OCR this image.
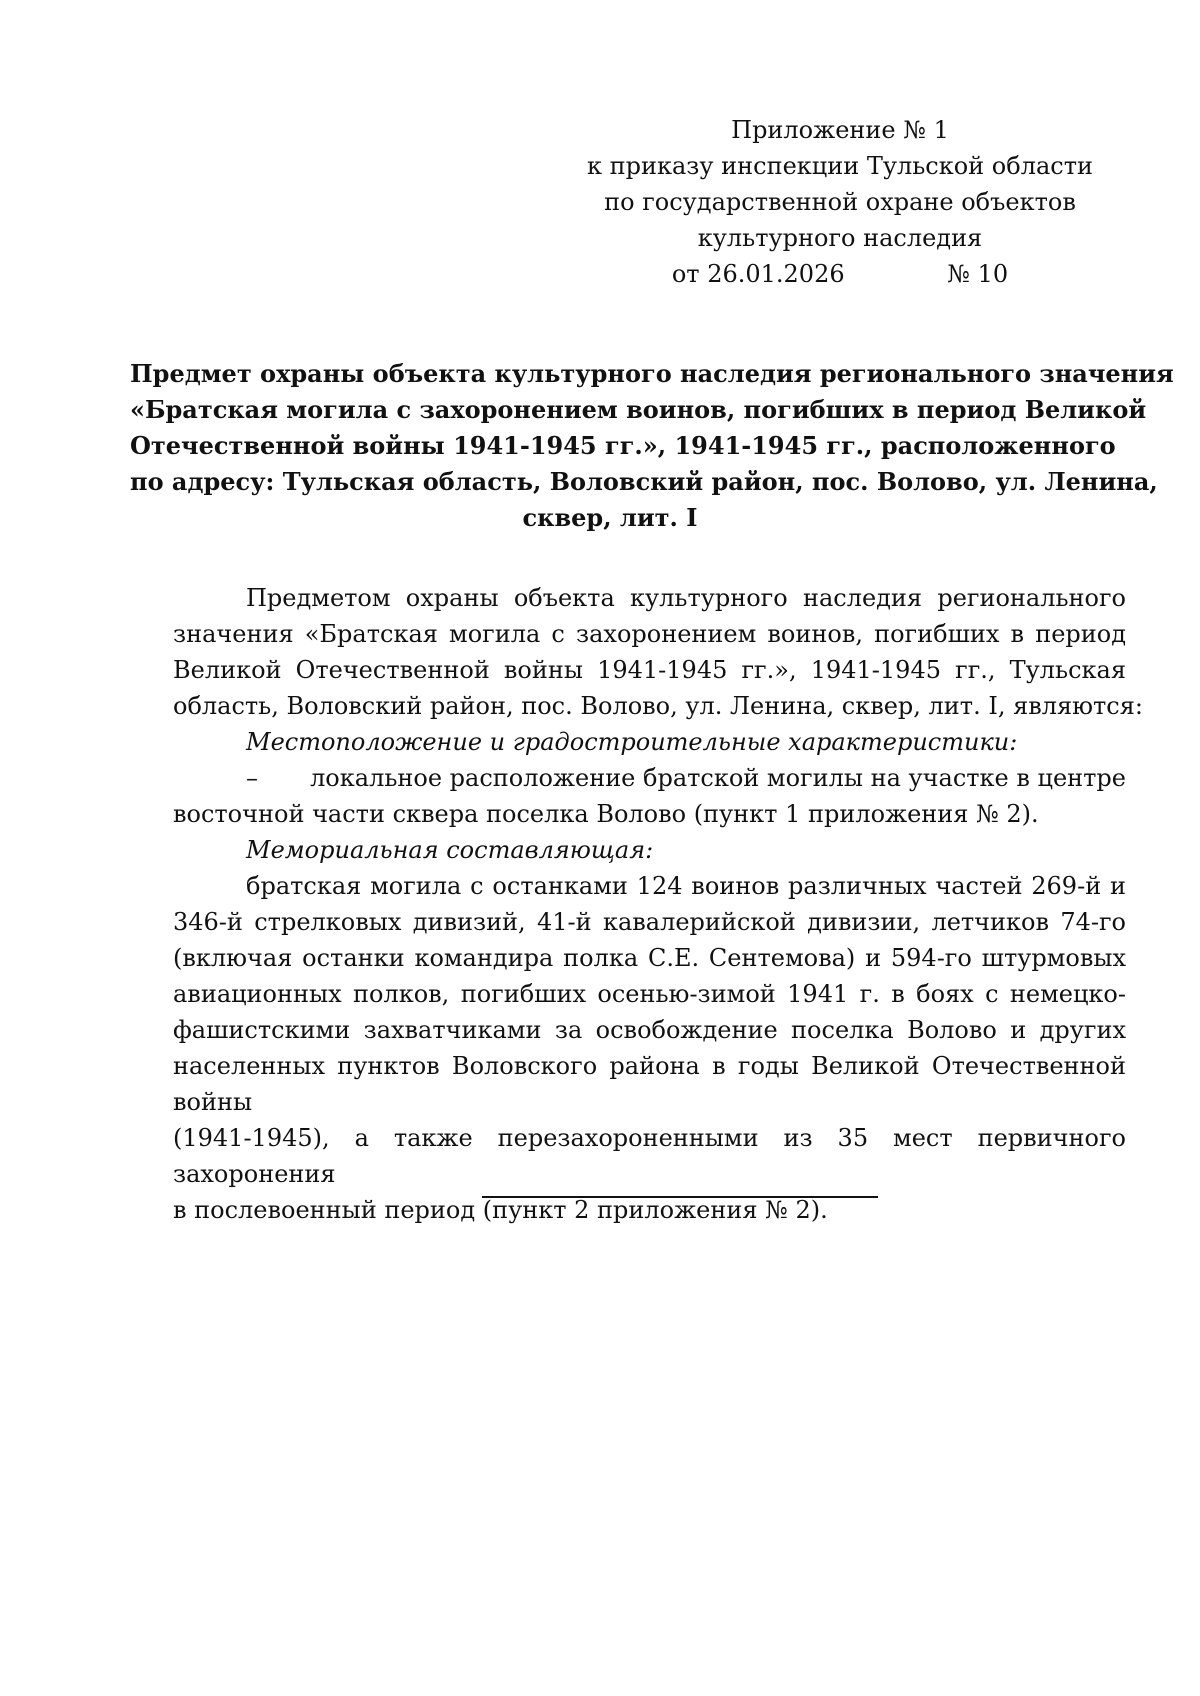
Приложение № 1
к приказу инспекции Тульской области
по государственной охране объектов
культурного наследия
от 26.01.2026	№ 10
Предмет охраны объекта культурного наследия регионального значения
«Братская могила с захоронением воинов, погибших в период Великой
Отечественной войны 1941-1945 гг.», 1941-1945 гг., расположенного
по адресу: Тульская область, Воловский район, пос. Волово, ул. Ленина,
сквер, лит. I
Предметом охраны объекта культурного наследия регионального
значения «Братская могила с захоронением воинов, погибших в период
Великой Отечественной войны 1941-1945 гг.», 1941-1945 гг., Тульская
область, Воловский район, пос. Волово, ул. Ленина, сквер, лит. I, являются:
Местоположение и градостроительные характеристики:
–	локальное расположение братской могилы на участке в центре
восточной части сквера поселка Волово (пункт 1 приложения № 2).
Мемориальная составляющая:
братская могила с останками 124 воинов различных частей 269-й и
346-й стрелковых дивизий, 41-й кавалерийской дивизии, летчиков 74-го
(включая останки командира полка С.Е. Сентемова) и 594-го штурмовых
авиационных полков, погибших осенью-зимой 1941 г. в боях с немецко-
фашистскими захватчиками за освобождение поселка Волово и других
населенных пунктов Воловского района в годы Великой Отечественной войны
(1941-1945), а также перезахороненными из 35 мест первичного захоронения
в послевоенный период (пункт 2 приложения № 2).
